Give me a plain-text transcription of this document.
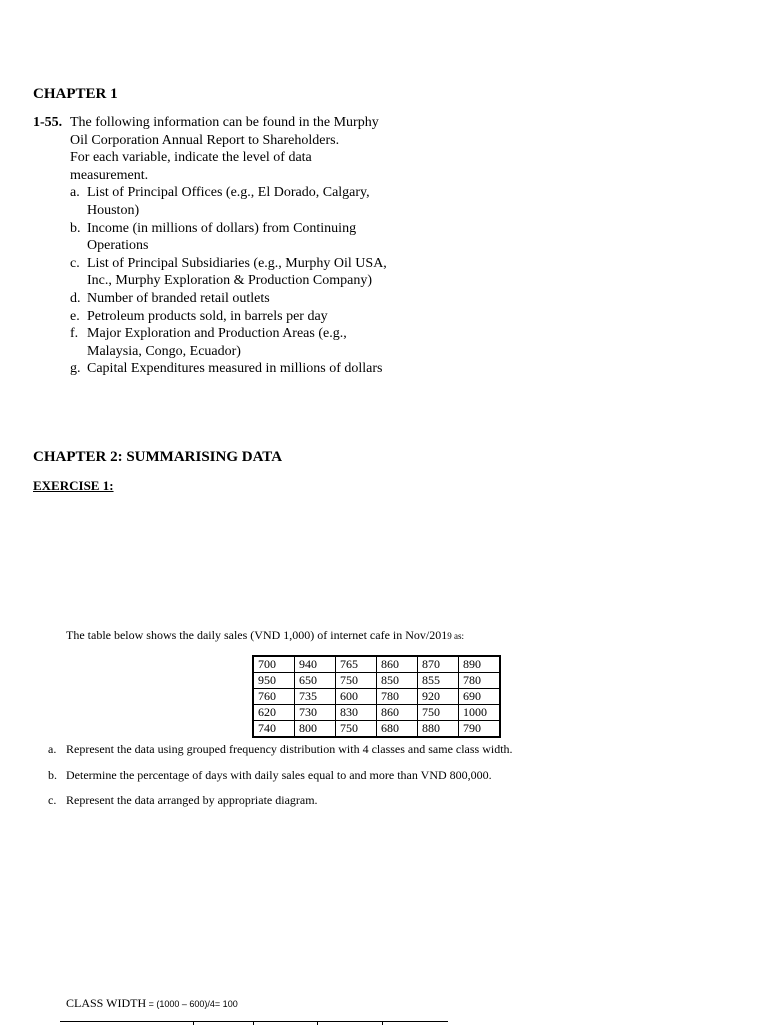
CHAPTER 1
1-55. The following information can be found in the Murphy
Oil Corporation Annual Report to Shareholders.
For each variable, indicate the level of data
measurement.
a. List of Principal Offices (e.g., El Dorado, Calgary,
Houston)
b. Income (in millions of dollars) from Continuing
Operations
c. List of Principal Subsidiaries (e.g., Murphy Oil USA,
Inc., Murphy Exploration & Production Company)
d. Number of branded retail outlets
e. Petroleum products sold, in barrels per day
f. Major Exploration and Production Areas (e.g.,
Malaysia, Congo, Ecuador)
g. Capital Expenditures measured in millions of dollars
CHAPTER 2: SUMMARISING DATA
EXERCISE 1:
The table below shows the daily sales (VND 1,000) of internet cafe in Nov/2019 as:
700	940	765	860	870	890
950	650	750	850	855	780
760	735	600	780	920	690
620	730	830	860	750	1000
740	800	750	680	880	790
a. Represent the data using grouped frequency distribution with 4 classes and same class width.
b. Determine the percentage of days with daily sales equal to and more than VND 800,000.
c. Represent the data arranged by appropriate diagram.
CLASS WIDTH = (1000 – 600)/4= 100
